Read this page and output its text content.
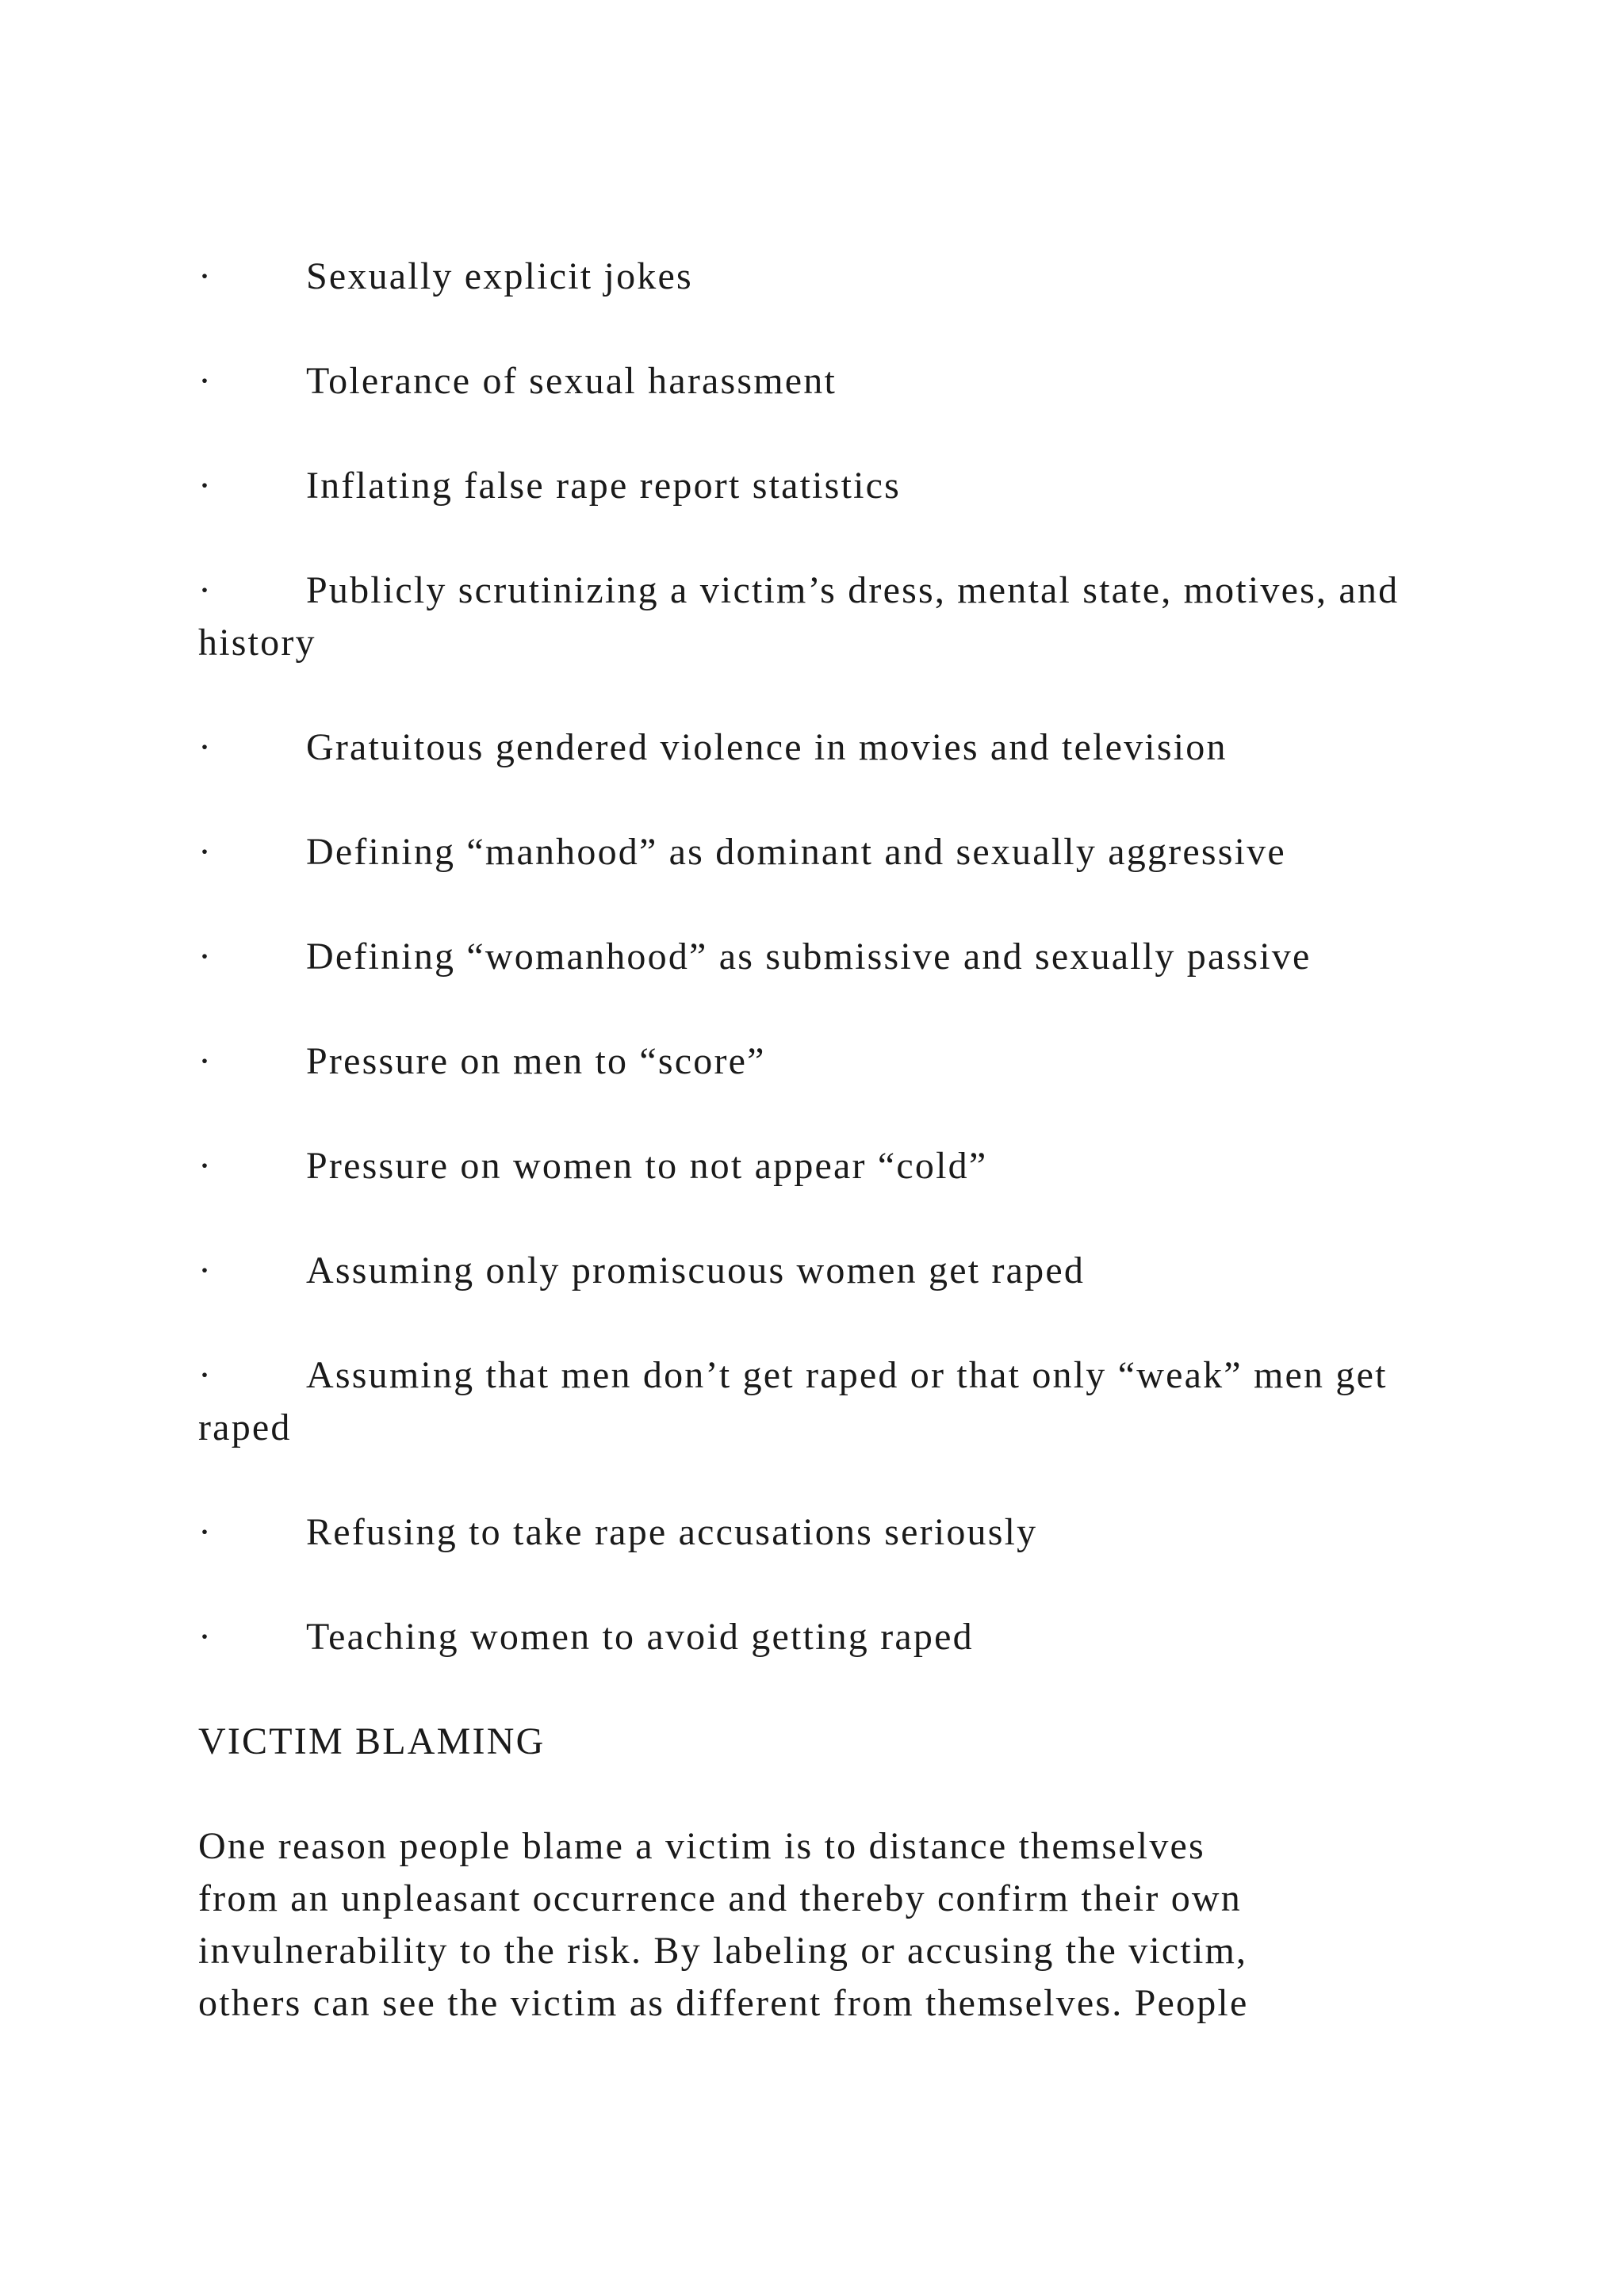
· Sexually explicit jokes
· Tolerance of sexual harassment
· Inflating false rape report statistics
· Publicly scrutinizing a victim’s dress, mental state, motives, and history
· Gratuitous gendered violence in movies and television
· Defining “manhood” as dominant and sexually aggressive
· Defining “womanhood” as submissive and sexually passive
· Pressure on men to “score”
· Pressure on women to not appear “cold”
· Assuming only promiscuous women get raped
· Assuming that men don’t get raped or that only “weak” men get raped
· Refusing to take rape accusations seriously
· Teaching women to avoid getting raped
VICTIM BLAMING
One reason people blame a victim is to distance themselves
from an unpleasant occurrence and thereby confirm their own
invulnerability to the risk. By labeling or accusing the victim,
others can see the victim as different from themselves. People
